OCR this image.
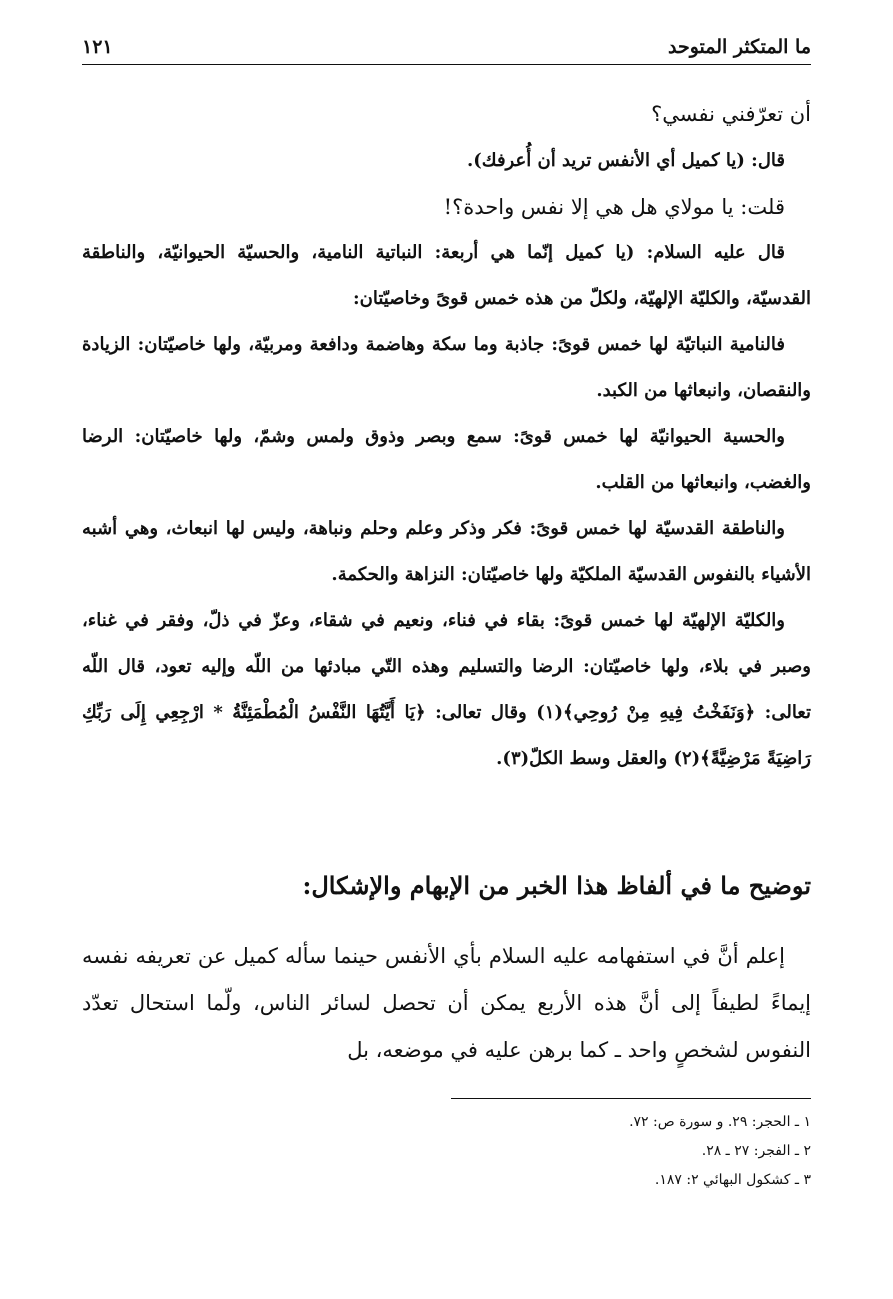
ما المتكثر المتوحد
١٢١

أن تعرّفني نفسي؟

قال: (يا كميل أي الأنفس تريد أن أُعرفك).

قلت: يا مولاي هل هي إلا نفس واحدة؟!

قال عليه السلام: (يا كميل إنّما هي أربعة: النباتية النامية، والحسيّة الحيوانيّة، والناطقة القدسيّة، والكليّة الإلهيّة، ولكلّ من هذه خمس قوىً وخاصيّتان:

فالنامية النباتيّة لها خمس قوىً: جاذبة وما سكة وهاضمة ودافعة ومربيّة، ولها خاصيّتان: الزيادة والنقصان، وانبعاثها من الكبد.

والحسية الحيوانيّة لها خمس قوىً: سمع وبصر وذوق ولمس وشمّ، ولها خاصيّتان: الرضا والغضب، وانبعاثها من القلب.

والناطقة القدسيّة لها خمس قوىً: فكر وذكر وعلم وحلم ونباهة، وليس لها انبعاث، وهي أشبه الأشياء بالنفوس القدسيّة الملكيّة ولها خاصيّتان: النزاهة والحكمة.

والكليّة الإلهيّة لها خمس قوىً: بقاء في فناء، ونعيم في شقاء، وعزّ في ذلّ، وفقر في غناء، وصبر في بلاء، ولها خاصيّتان: الرضا والتسليم وهذه التّي مبادئها من اللّه وإليه تعود، قال اللّه تعالى: ﴿وَنَفَخْتُ فِيهِ مِنْ رُوحِي﴾(١) وقال تعالى: ﴿يَا أَيَّتُهَا النَّفْسُ الْمُطْمَئِنَّةُ * ارْجِعِي إِلَى رَبِّكِ رَاضِيَةً مَرْضِيَّةً﴾(٢) والعقل وسط الكلّ(٣).

توضيح ما في ألفاظ هذا الخبر من الإبهام والإشكال:

إعلم أنَّ في استفهامه عليه السلام بأي الأنفس حينما سأله كميل عن تعريفه نفسه إيماءً لطيفاً إلى أنَّ هذه الأربع يمكن أن تحصل لسائر الناس، ولّما استحال تعدّد النفوس لشخصٍ واحد ـ كما برهن عليه في موضعه، بل

١ ـ الحجر: ٢٩. و سورة ص: ٧٢.
٢ ـ الفجر: ٢٧ ـ ٢٨.
٣ ـ كشكول البهائي ٢: ١٨٧.
